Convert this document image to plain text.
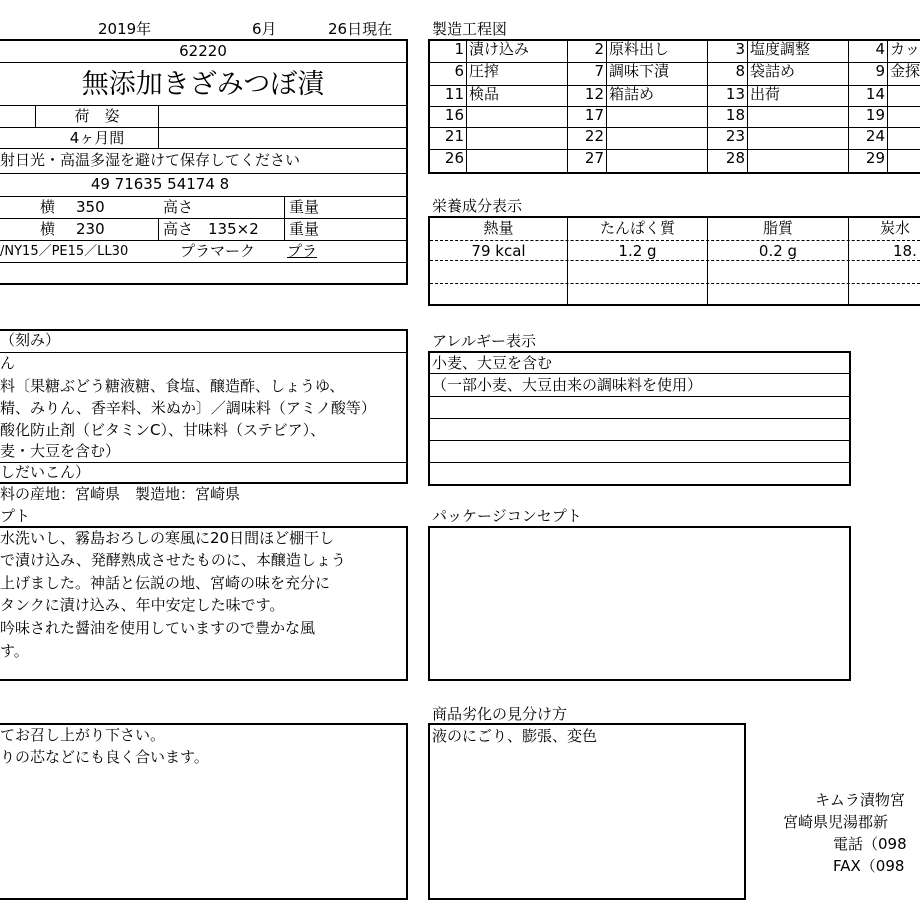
2019年	6月	26日現在
62220
無添加きざみつぼ漬
荷　姿
4ヶ月間
射日光・高温多湿を避けて保存してください
49 71635 54174 8
横 350	高さ	重量
横 230	高さ 135×2 重量
/NY15／PE15／LL30	プラマーク プラ
製造工程図
1 漬け込み	2 原料出し	3 塩度調整	4 カッ
6 圧搾	7 調味下漬	8 袋詰め	9 金探
11 検品	12 箱詰め	13 出荷	14
16	17	18	19
21	22	23	24
26	27	28	29
栄養成分表示
熱量	たんぱく質	脂質	炭水
79 kcal	1.2 g	0.2 g	18.
（刻み）
ん
料〔果糖ぶどう糖液糖、食塩、醸造酢、しょうゆ、
精、みりん、香辛料、米ぬか〕／調味料（アミノ酸等）
酸化防止剤（ビタミンC）、甘味料（ステビア）、
麦・大豆を含む）
しだいこん）
料の産地：宮崎県　製造地：宮崎県
プト
アレルギー表示
小麦、大豆を含む
（一部小麦、大豆由来の調味料を使用）
水洗いし、霧島おろしの寒風に20日間ほど棚干し
で漬け込み、発酵熟成させたものに、本醸造しょう
上げました。神話と伝説の地、宮崎の味を充分に
タンクに漬け込み、年中安定した味です。
吟味された醤油を使用していますので豊かな風
す。
パッケージコンセプト
てお召し上がり下さい。
りの芯などにも良く合います。
商品劣化の見分け方
液のにごり、膨張、変色
キムラ漬物宮
宮崎県児湯郡新
電話（098
FAX（098
